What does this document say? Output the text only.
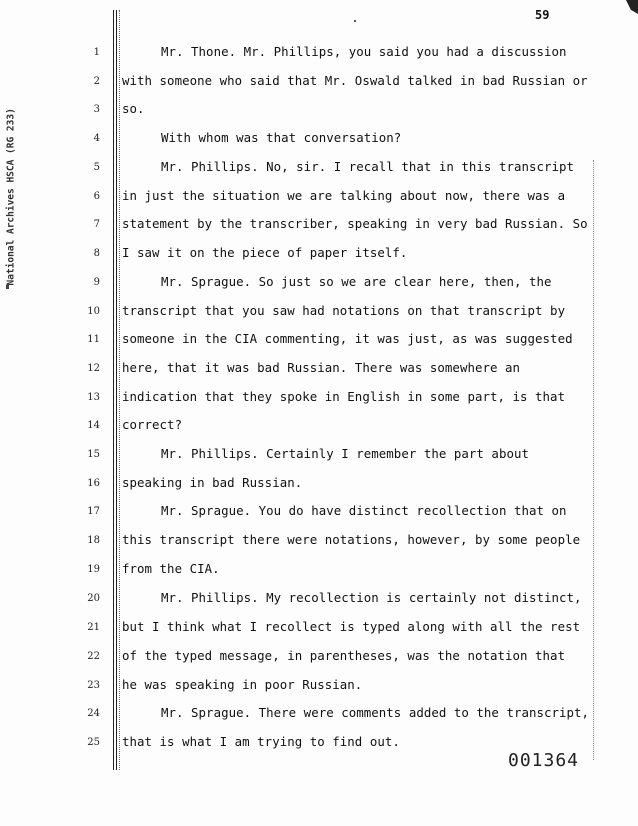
National Archives HSCA (RG 233)
59
1	Mr. Thone. Mr. Phillips, you said you had a discussion
2 with someone who said that Mr. Oswald talked in bad Russian or
3 so.
4	With whom was that conversation?
5	Mr. Phillips. No, sir. I recall that in this transcript
6 in just the situation we are talking about now, there was a
7 statement by the transcriber, speaking in very bad Russian. So
8 I saw it on the piece of paper itself.
9	Mr. Sprague. So just so we are clear here, then, the
10 transcript that you saw had notations on that transcript by
11 someone in the CIA commenting, it was just, as was suggested
12 here, that it was bad Russian. There was somewhere an
13 indication that they spoke in English in some part, is that
14 correct?
15	Mr. Phillips. Certainly I remember the part about
16 speaking in bad Russian.
17	Mr. Sprague. You do have distinct recollection that on
18 this transcript there were notations, however, by some people
19 from the CIA.
20	Mr. Phillips. My recollection is certainly not distinct,
21 but I think what I recollect is typed along with all the rest
22 of the typed message, in parentheses, was the notation that
23 he was speaking in poor Russian.
24	Mr. Sprague. There were comments added to the transcript,
25 that is what I am trying to find out.
001364
